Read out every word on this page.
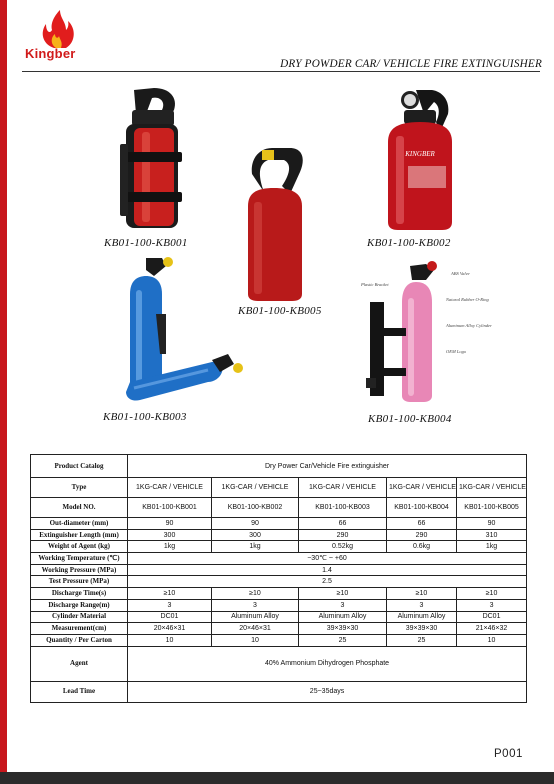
Kingber
DRY POWDER CAR/ VEHICLE FIRE EXTINGUISHER
KB01-100-KB001
KINGBER
KB01-100-KB002
KB01-100-KB005
KB01-100-KB003
ABS Valve
Plastic Bracket
Natural Rubber O-Ring
Aluminum Alloy Cylinder
OEM Logo
KB01-100-KB004
Product Catalog	Dry Power Car/Vehicle Fire extinguisher				
Type	1KG-CAR / VEHICLE	1KG-CAR / VEHICLE	1KG-CAR / VEHICLE	1KG-CAR / VEHICLE	1KG-CAR / VEHICLE
Model NO.	KB01-100-KB001	KB01-100-KB002	KB01-100-KB003	KB01-100-KB004	KB01-100-KB005
Out-diameter (mm)	90	90	66	66	90
Extinguisher Length (mm)	300	300	290	290	310
Weight of Agent (kg)	1kg	1kg	0.52kg	0.6kg	1kg
Working Temperature (℃)	−30℃ ~ +60				
Working Pressure (MPa)	1.4				
Test Pressure (MPa)	2.5				
Discharge Time(s)	≥10	≥10	≥10	≥10	≥10
Discharge Range(m)	3	3	3	3	3
Cylinder Material	DC01	Aluminum Alloy	Aluminum Alloy	Aluminum Alloy	DC01
Measurement(cm)	20×46×31	20×46×31	39×39×30	39×39×30	21×46×32
Quantity / Per Carton	10	10	25	25	10
Agent	40% Ammonium Dihydrogen Phosphate				
Lead Time	25~35days				
P001
